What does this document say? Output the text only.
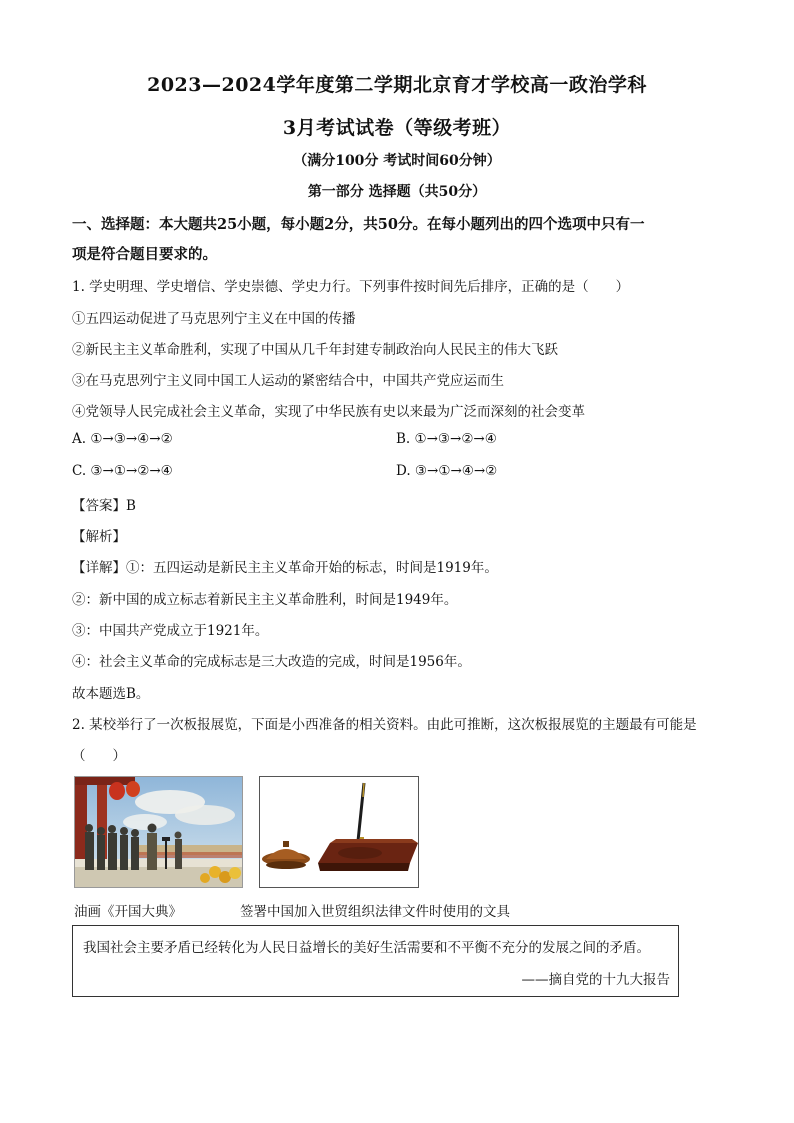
2023—2024学年度第二学期北京育才学校高一政治学科
3月考试试卷（等级考班）
（满分100分 考试时间60分钟）
第一部分 选择题（共50分）
一、选择题：本大题共25小题，每小题2分，共50分。在每小题列出的四个选项中只有一
项是符合题目要求的。
1. 学史明理、学史增信、学史崇德、学史力行。下列事件按时间先后排序，正确的是（　　）
①五四运动促进了马克思列宁主义在中国的传播
②新民主主义革命胜利，实现了中国从几千年封建专制政治向人民民主的伟大飞跃
③在马克思列宁主义同中国工人运动的紧密结合中，中国共产党应运而生
④党领导人民完成社会主义革命，实现了中华民族有史以来最为广泛而深刻的社会变革
A. ①→③→④→②	B. ①→③→②→④
C. ③→①→②→④	D. ③→①→④→②
【答案】B
【解析】
【详解】①：五四运动是新民主主义革命开始的标志，时间是1919年。
②：新中国的成立标志着新民主主义革命胜利，时间是1949年。
③：中国共产党成立于1921年。
④：社会主义革命的完成标志是三大改造的完成，时间是1956年。
故本题选B。
2. 某校举行了一次板报展览，下面是小西准备的相关资料。由此可推断，这次板报展览的主题最有可能是
（　　）
油画《开国大典》	签署中国加入世贸组织法律文件时使用的文具
我国社会主要矛盾已经转化为人民日益增长的美好生活需要和不平衡不充分的发展之间的矛盾。
——摘自党的十九大报告
